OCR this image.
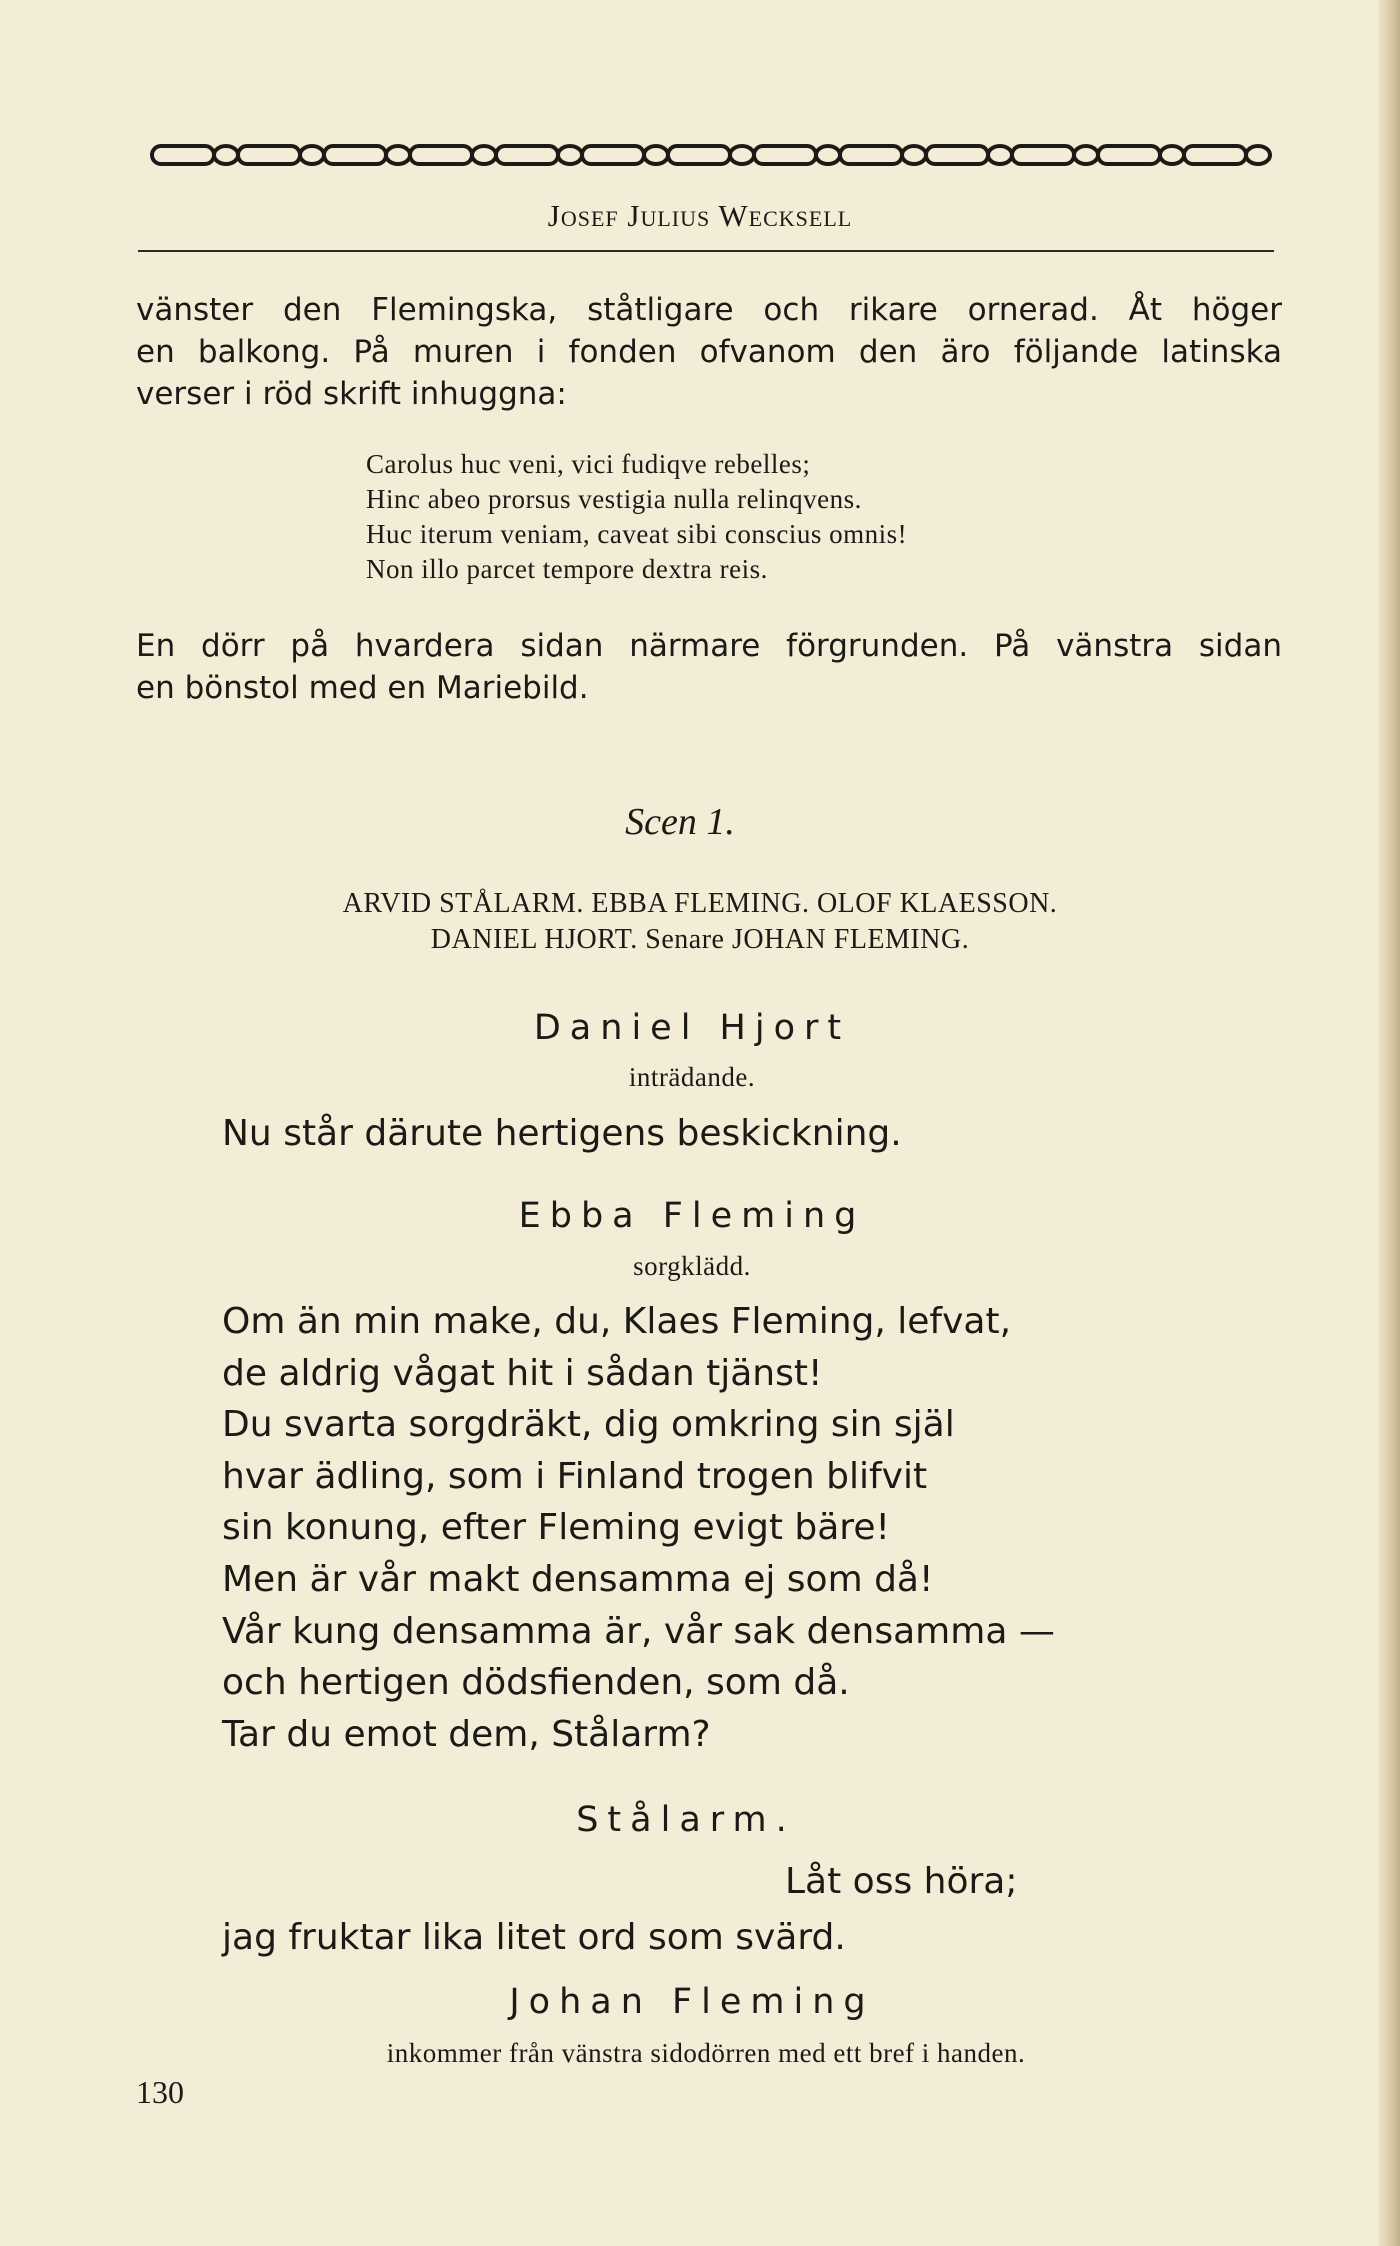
Josef Julius Wecksell
vänster den Flemingska, ståtligare och rikare ornerad. Åt höger
en balkong. På muren i fonden ofvanom den äro följande latinska
verser i röd skrift inhuggna:
Carolus huc veni, vici fudiqve rebelles;
Hinc abeo prorsus vestigia nulla relinqvens.
Huc iterum veniam, caveat sibi conscius omnis!
Non illo parcet tempore dextra reis.
En dörr på hvardera sidan närmare förgrunden. På vänstra sidan
en bönstol med en Mariebild.
Scen 1.
ARVID STÅLARM. EBBA FLEMING. OLOF KLAESSON.
DANIEL HJORT. Senare JOHAN FLEMING.
Daniel Hjort
inträdande.
Nu står därute hertigens beskickning.
Ebba Fleming
sorgklädd.
Om än min make, du, Klaes Fleming, lefvat,
de aldrig vågat hit i sådan tjänst!
Du svarta sorgdräkt, dig omkring sin själ
hvar ädling, som i Finland trogen blifvit
sin konung, efter Fleming evigt bäre!
Men är vår makt densamma ej som då!
Vår kung densamma är, vår sak densamma —
och hertigen dödsfienden, som då.
Tar du emot dem, Stålarm?
Stålarm.
Låt oss höra;
jag fruktar lika litet ord som svärd.
Johan Fleming
inkommer från vänstra sidodörren med ett bref i handen.
130
